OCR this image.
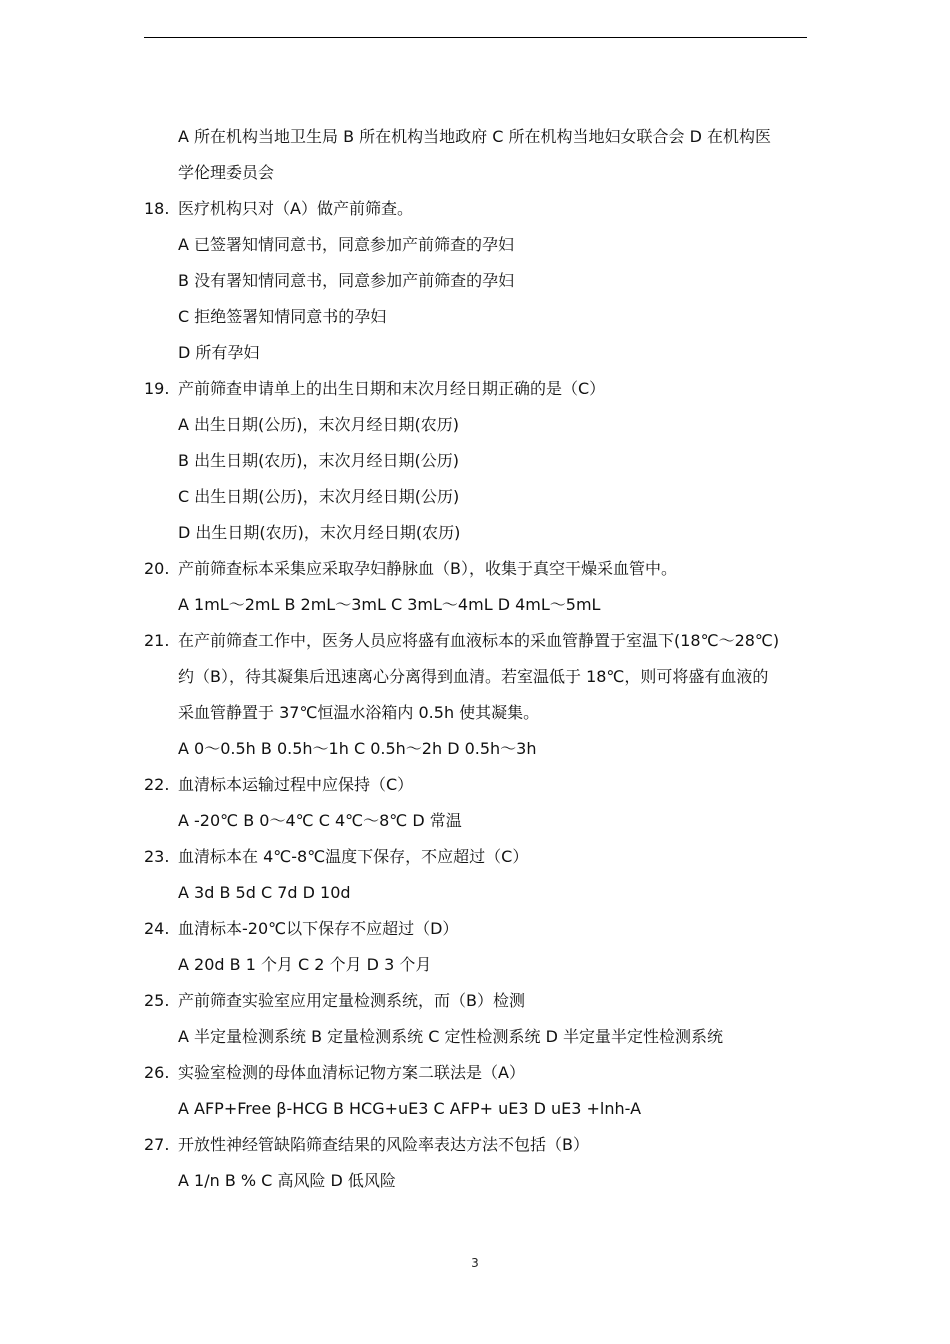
A 所在机构当地卫生局 B 所在机构当地政府 C 所在机构当地妇女联合会 D 在机构医
学伦理委员会
18. 医疗机构只对（A）做产前筛查。
A 已签署知情同意书，同意参加产前筛查的孕妇
B 没有署知情同意书，同意参加产前筛查的孕妇
C 拒绝签署知情同意书的孕妇
D 所有孕妇
19. 产前筛查申请单上的出生日期和末次月经日期正确的是（C）
A 出生日期(公历)，末次月经日期(农历)
B 出生日期(农历)，末次月经日期(公历)
C 出生日期(公历)，末次月经日期(公历)
D 出生日期(农历)，末次月经日期(农历)
20. 产前筛查标本采集应采取孕妇静脉血（B），收集于真空干燥采血管中。
A 1mL～2mL B 2mL～3mL C 3mL～4mL D 4mL～5mL
21. 在产前筛查工作中，医务人员应将盛有血液标本的采血管静置于室温下(18℃～28℃)
约（B），待其凝集后迅速离心分离得到血清。若室温低于 18℃，则可将盛有血液的
采血管静置于 37℃恒温水浴箱内 0.5h 使其凝集。
A 0～0.5h B 0.5h～1h C 0.5h～2h D 0.5h～3h
22. 血清标本运输过程中应保持（C）
A -20℃ B 0～4℃ C 4℃～8℃ D 常温
23. 血清标本在 4℃-8℃温度下保存，不应超过（C）
A 3d B 5d C 7d D 10d
24. 血清标本-20℃以下保存不应超过（D）
A 20d B 1 个月 C 2 个月 D 3 个月
25. 产前筛查实验室应用定量检测系统，而（B）检测
A 半定量检测系统 B 定量检测系统 C 定性检测系统 D 半定量半定性检测系统
26. 实验室检测的母体血清标记物方案二联法是（A）
A AFP+Free β-HCG B HCG+uE3 C AFP+ uE3 D uE3 +lnh-A
27. 开放性神经管缺陷筛查结果的风险率表达方法不包括（B）
A 1/n B % C 高风险 D 低风险
3
